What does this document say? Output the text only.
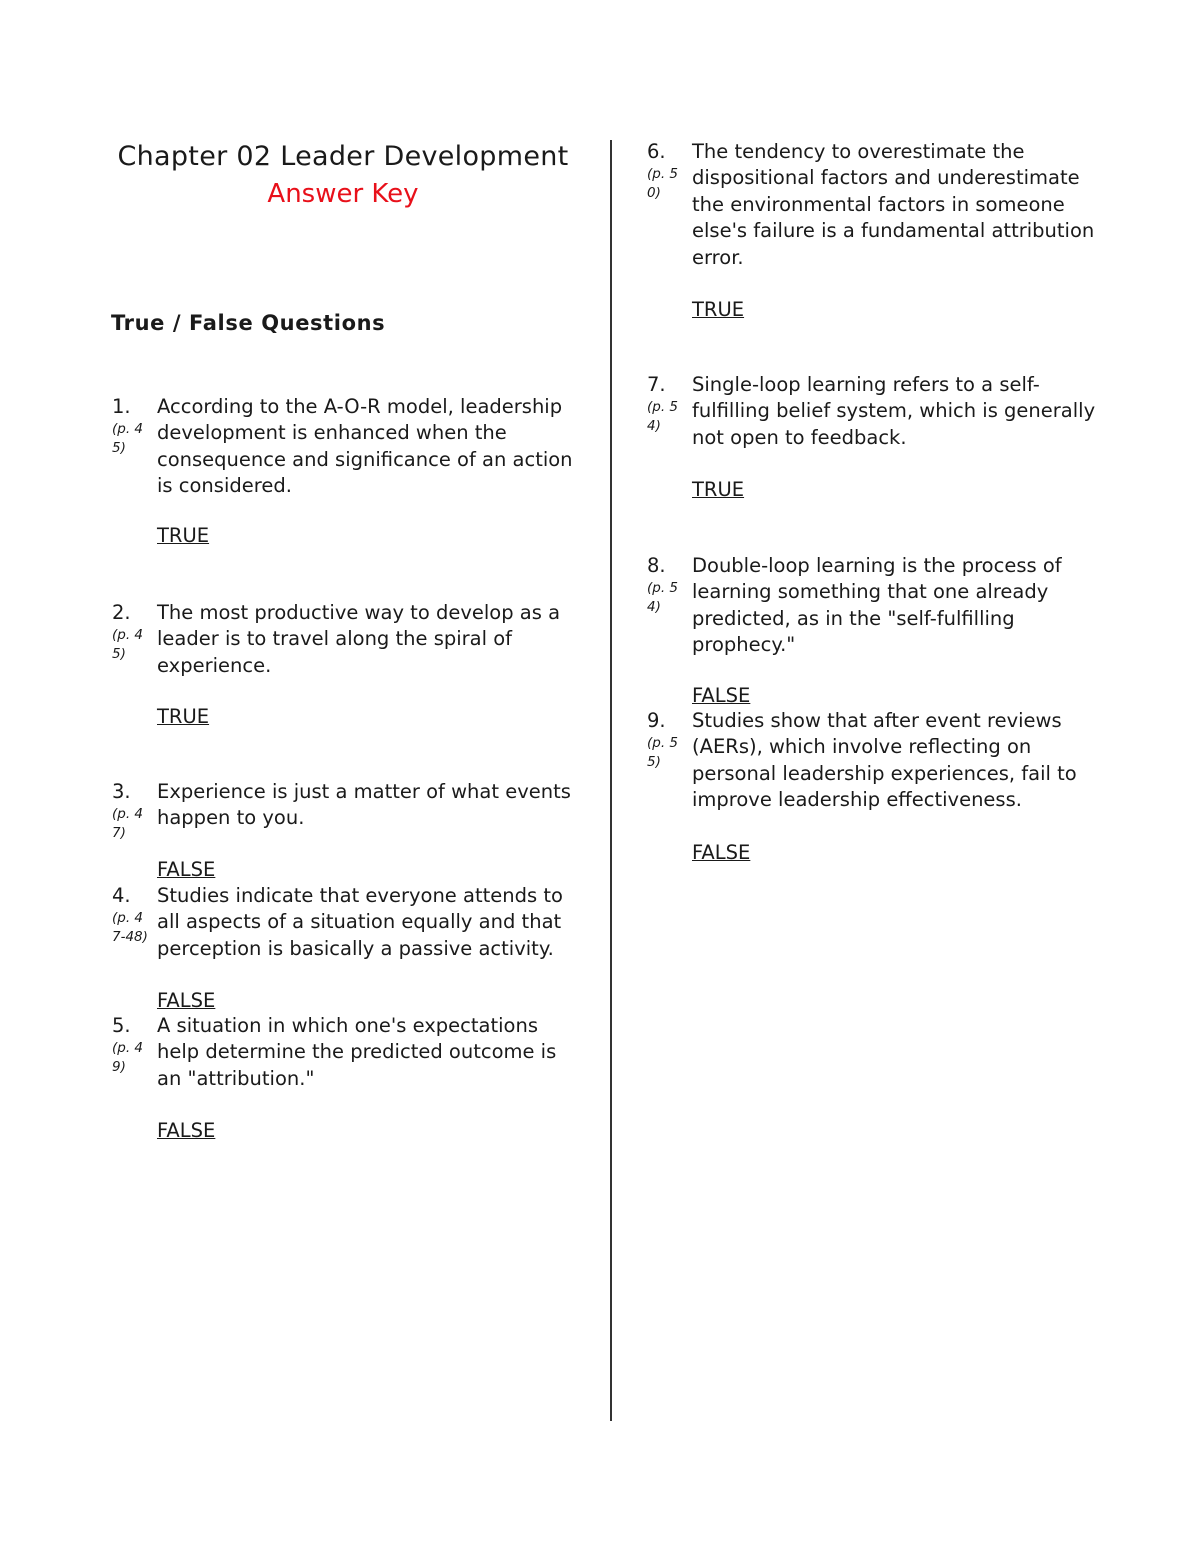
Chapter 02 Leader Development
Answer Key
True / False Questions
1.
(p. 4
5)
According to the A-O-R model, leadership development is enhanced when the consequence and significance of an action is considered.
TRUE
2.
(p. 4
5)
The most productive way to develop as a leader is to travel along the spiral of experience.
TRUE
3.
(p. 4
7)
Experience is just a matter of what events happen to you.
FALSE
4.
(p. 4
7-48)
Studies indicate that everyone attends to all aspects of a situation equally and that perception is basically a passive activity.
FALSE
5.
(p. 4
9)
A situation in which one's expectations help determine the predicted outcome is an "attribution."
FALSE
6.
(p. 5
0)
The tendency to overestimate the dispositional factors and underestimate the environmental factors in someone else's failure is a fundamental attribution error.
TRUE
7.
(p. 5
4)
Single-loop learning refers to a self-fulfilling belief system, which is generally not open to feedback.
TRUE
8.
(p. 5
4)
Double-loop learning is the process of learning something that one already predicted, as in the "self-fulfilling prophecy."
FALSE
9.
(p. 5
5)
Studies show that after event reviews (AERs), which involve reflecting on personal leadership experiences, fail to improve leadership effectiveness.
FALSE
